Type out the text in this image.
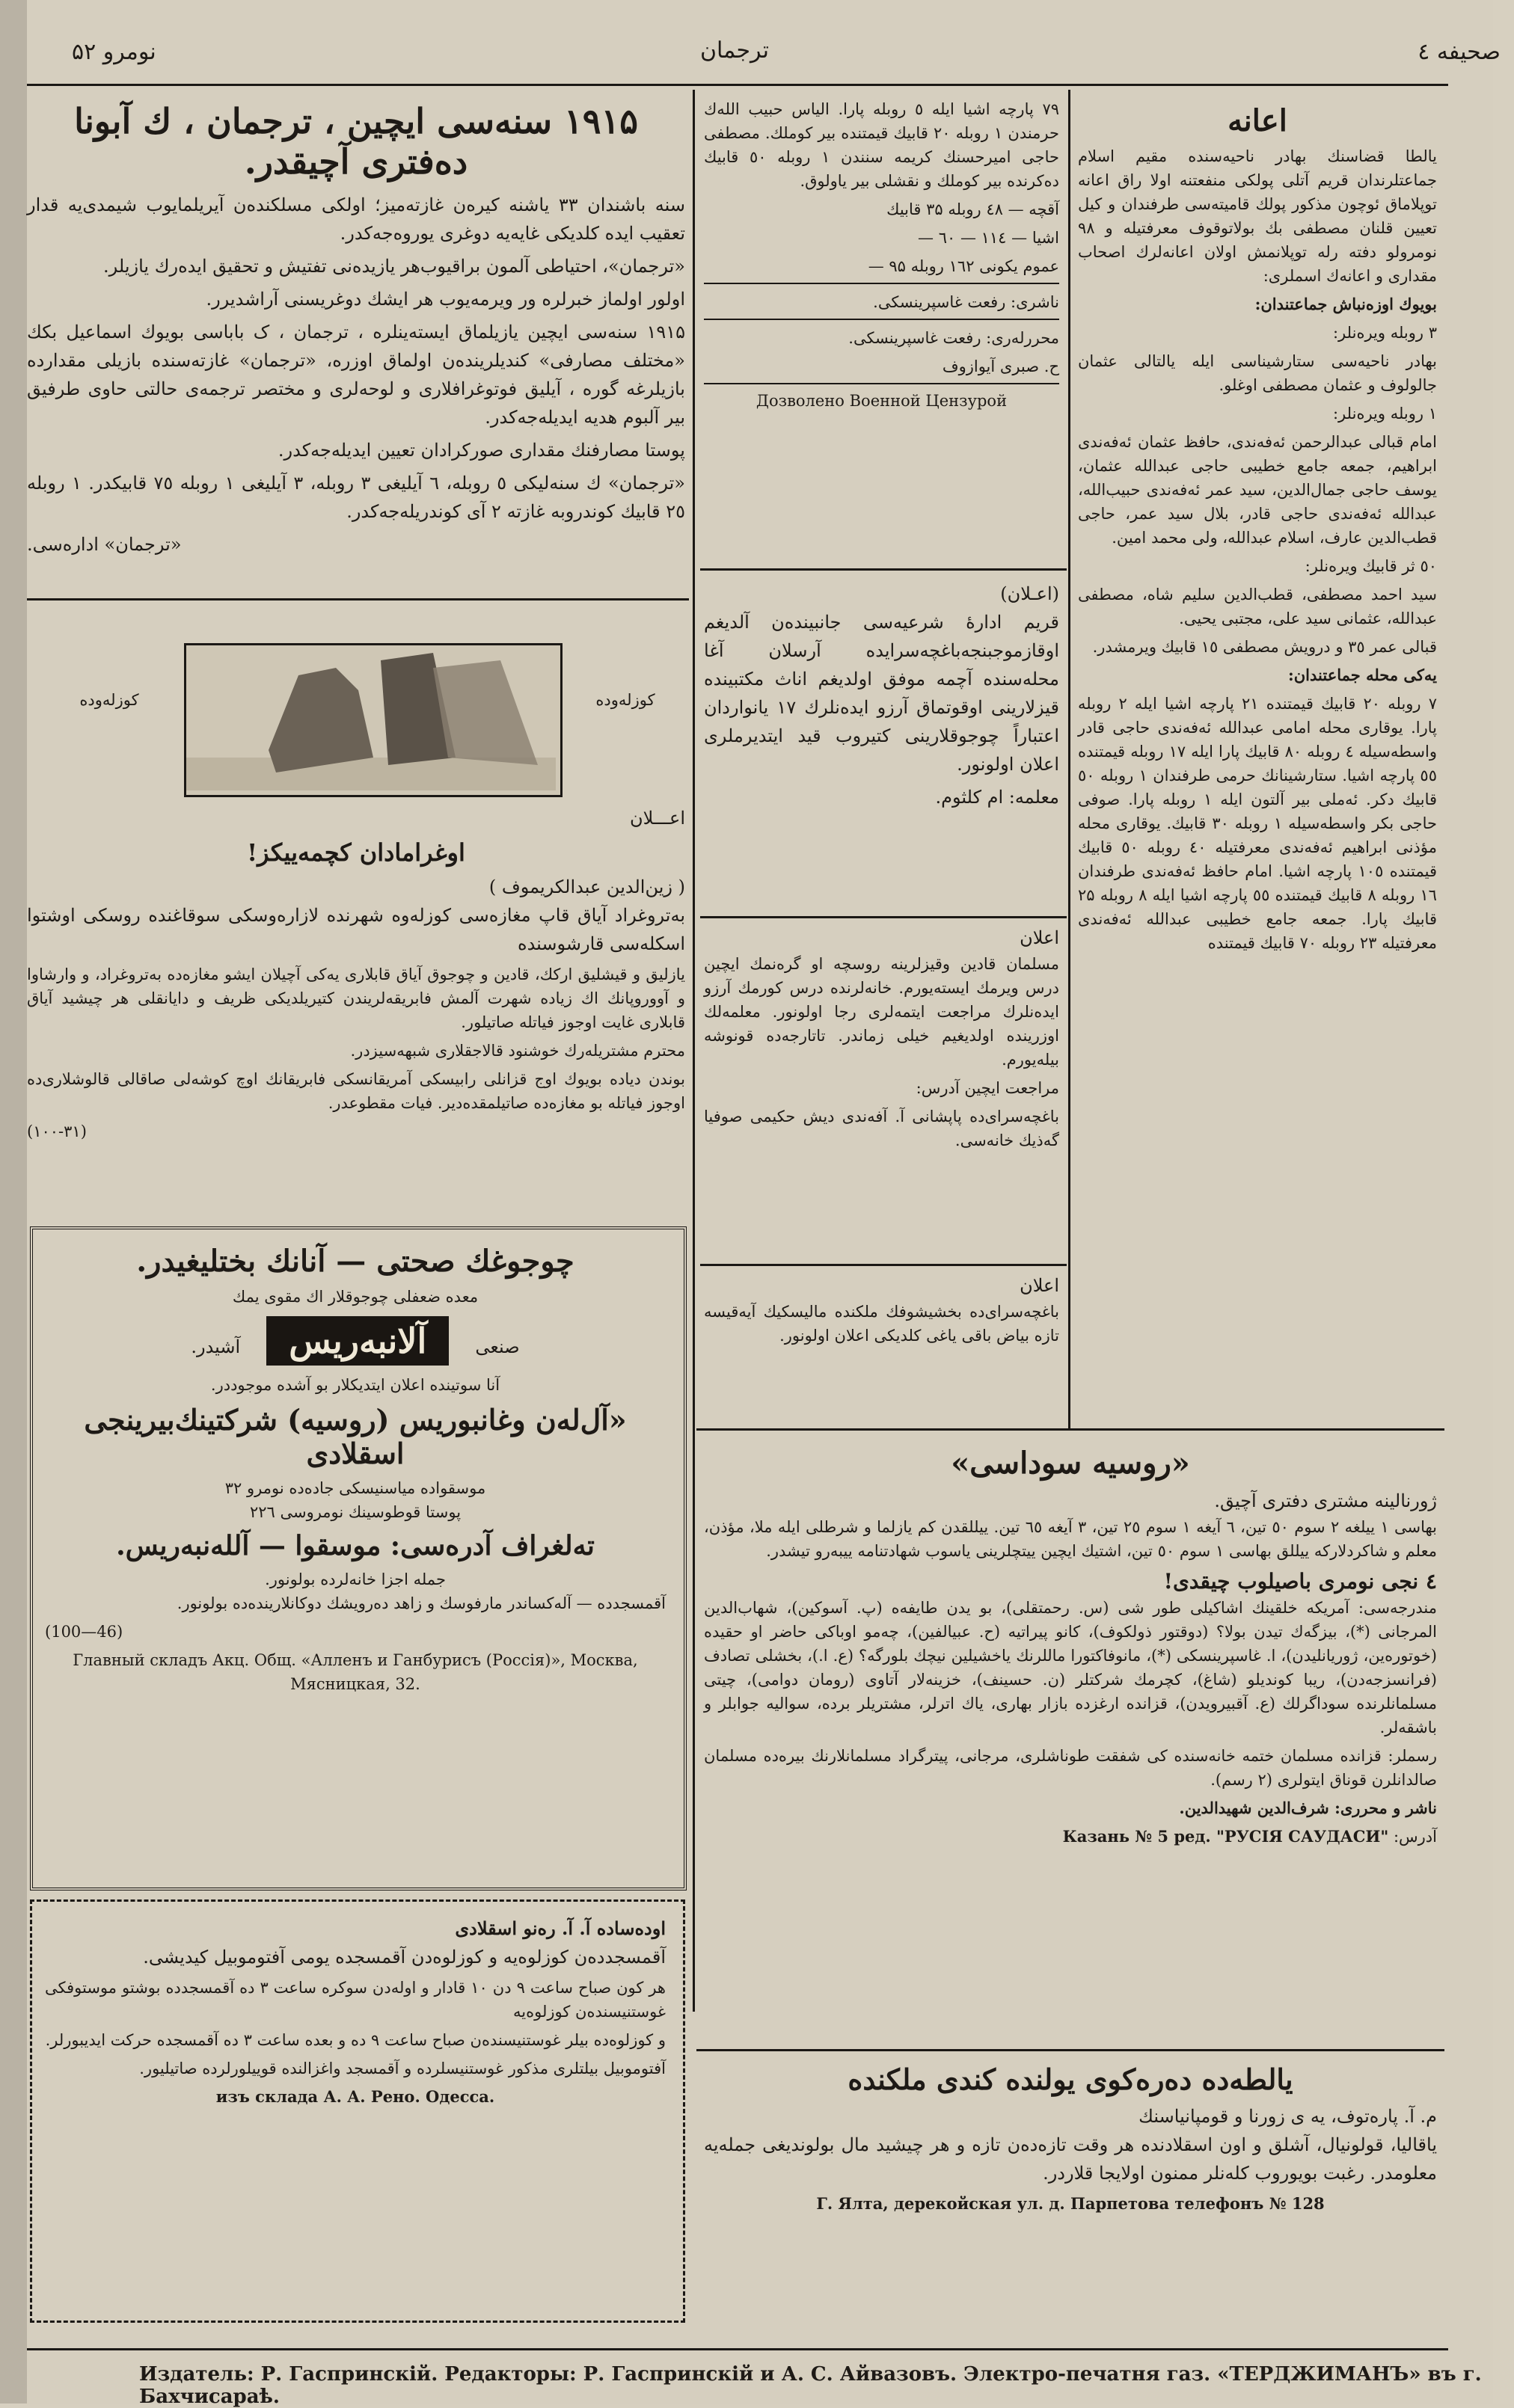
صحیفه ٤
ترجمان
نومرو ۵۲
۱۹۱۵ سنه‌سی ایچین ، ترجمان ، ك آبونا ده‌فتری آچیقدر.

سنه باشندان ۳۳ یاشنه کیره‌ن غازته‌میز؛ اولکی مسلکنده‌ن آیریلمایوب شیمدی‌یه قدار تعقیب ایده کلدیکی غایه‌یه دوغری یوروه‌جه‌کدر.

«ترجمان»، احتیاطی آلمون براقیوب‌هر یازیده‌نی تفتیش و تحقیق ایده‌رك یازیلر.

اولور اولماز خبرلره ور ویرمه‌یوب هر ایشك دوغریسنی آراشدیرر.

۱۹۱۵ سنه‌سی ایچین یازیلماق ایسته‌ینلره ، ترجمان ، ک باباسی بویوك اسماعیل بکك «مختلف مصارفی» کندیلرینده‌ن اولماق اوزره، «ترجمان» غازته‌سنده بازیلی مقدارده بازیلرغه گوره ، آیلیق فوتوغرافلاری و لوحه‌لری و مختصر ترجمه‌ی حالتی حاوی طرفیق بیر آلبوم هدیه ایدیله‌جه‌کدر.

پوستا مصارفنك مقداری صوركرادان تعیین ایدیله‌جه‌کدر.

«ترجمان» ك سنه‌لیكی ٥ روبله، ٦ آیلیغی ۳ روبله، ۳ آیلیغی ۱ روبله ۷٥ قابیکدر. ۱ روبله ۲٥ قابیك کوندروبه غازته ۲ آی کوندریله‌جه‌کدر.

«ترجمان» اداره‌سی.

کوزله‌وده	کوزله‌وده
اعـــلان
اوغرامادان کچمه‌ییکز!
( زین‌الدین عبدالکریموف )

به‌تروغراد آیاق قاپ مغازه‌سی کوزله‌وه شهرنده لازارەوسکی سوقاغنده روسكی اوشتوا اسکله‌سی قارشوسنده

یازلیق و قیشلیق ارکك، قادین و چوجوق آیاق قابلاری یه‌کی آچیلان ایشو مغازه‌ده به‌تروغراد، و وارشاوا و آووروپانك اك زیاده شهرت آلمش فابریقه‌لریندن کتیریلدیکی ظریف و دایانقلی هر چیشید آیاق قابلاری غایت اوجوز فیاتله صاتیلور.

محترم مشتریله‌رك خوشنود قالاجقلاری شبهه‌سیزدر.

بوندن دیاده بویوك اوج قزانلی رابیسکی آمریقانسکی فابریقانك اوچ کوشه‌لی صاقالی قالوشلاری‌ده اوجوز فیاتله بو مغازه‌ده صاتیلمقده‌دیر. فیات مقطوعدر.

(۱۰۰-۳۱)

چوجوغك صحتی — آنانك بختلیغیدر.
معده ضعفلی چوجوقلار اك مقوی یمك
صنعی آلانبه‌ریس آشیدر.
آنا سوتینده اعلان ایتدیکلار بو آشده موجوددر.
«آل‌له‌ن وغانبوریس (روسیه) شرکتینك‌بیرینجی اسقلادی
موسقواده میاسنیسکی جاده‌ده نومرو ۳۲
پوستا قوطوسینك نومروسی ۲۲٦
ته‌لغراف آدره‌سی: موسقوا — آلله‌نبه‌ریس.
جمله اجزا خانه‌لرده بولونور.

آقمسجدده — آله‌کساندر مارفوسك و زاهد ده‌رویشك دوکانلارینده‌ده بولونور.

(46—100)

Главный складъ Акц. Общ. «Алленъ и Ганбурисъ (Россія)», Москва, Мясницкая, 32.

اوده‌ساده آ. آ. ره‌نو اسقلادی

آقمسجدده‌ن کوزلوه‌یه و کوزلوه‌دن آقمسجده یومی آفتوموبیل کیدیشی.

هر کون صباح ساعت ۹ دن ۱۰ قادار و اوله‌دن سوکره ساعت ۳ ده آقمسجدده بوشتو موستوفکی غوستنیسنده‌ن کوزلوه‌یه

و کوزلوه‌ده بیلر غوستنیسنده‌ن صباح ساعت ۹ ده و بعده ساعت ۳ ده آقمسجده حرکت ایدیبورلر.

آفتوموبیل بیلتلری مذکور غوستنیسلرده و آقمسجد واغزالنده قوییلورلرده صاتیلیور.

изъ склада А. А. Рено. Одесса.

۷۹ پارچه اشیا ایله ٥ روبله پارا. الیاس حبیب الله‌ك حرمندن ۱ روبله ۲۰ قابیك قیمتنده بیر کوملك. مصطفی حاجی امیرحسنك کریمه سنندن ۱ روبله ٥۰ قابیك ده‌کرنده بیر کوملك و نقشلی بیر یاولوق.

آقچه — ٤٨ روبله ۳۵ قابیك

اشیا — ۱۱٤ — ٦۰ —

عموم یکونی ۱٦۲ روبله ۹۵ —

ناشری: رفعت غاسپرینسکی.

محررله‌ری: رفعت غاسپرینسکی.

ح. صبری آیوازوف

Дозволено Военной Цензурой

(اعـلان)

قریم اداره‌ٔ شرعیه‌سی جانبینده‌ن آلدیغم اوقازموجبنجه‌باغچه‌سرایده آرسلان آغا محله‌سنده آچمه موفق اولدیغم اناث مکتبینده قیزلارینی اوقوتماق آرزو ایده‌نلرك ۱۷ یانواردان اعتباراً چوجوقلارینی کتیروب قید ایتدیرملری اعلان اولونور.

معلمه: ام کلثوم.

اعلان

مسلمان قادین وقیزلرینه روسچه او گره‌نمك ایچین درس ویرمك ایسته‌یورم. خانه‌لرنده درس کورمك آرزو ایده‌نلرك مراجعت ایتمه‌لری رجا اولونور. معلمه‌لك اوزرینده اولدیغیم خیلی زماندر. تاتارجه‌ده قونوشه‌ بیله‌یورم.

مراجعت ایچین آدرس:

باغچه‌سرای‌ده پاپشانی آ. آفه‌ندی دیش حکیمی صوفیا گه‌ذیك خانه‌سی.

اعلان

باغچه‌سرای‌ده بخشیشوفك ملکنده مالیسکیك آیه‌قیسه تازه بیاض باقی یاغی کلدیکی اعلان اولونور.

اعانه

یالطا قضاسنك بهادر ناحیه‌سنده مقیم اسلام جماعتلرندان قریم آتلی پولکی منفعتنه اولا راق اعانه توپلاماق ئوچون مذکور پولك قامیته‌سی طرفندان و کیل تعیین قلنان مصطفی بك بولاتوقوف معرفتیله و ۹۸ نومرولو دفته‌ رله توپلانمش اولان اعانه‌لرك اصحاب مقداری و اعانه‌ك اسملرى:

بویوك اوزه‌نباش جماعتندان:

۳ روبله ویره‌نلر:

بهادر ناحیه‌سی ستارشیناسی ایله یالتالی عثمان جالولوف و عثمان مصطفی اوغلو.

۱ روبله ویره‌نلر:

امام قبالی عبدالرحمن ئه‌فه‌ندی، حافظ عثمان ئه‌فه‌ندی ابراهیم، جمعه جامع خطیبی حاجی عبدالله عثمان، یوسف حاجی جمال‌الدین، سید عمر ئه‌فه‌ندی حبیب‌الله، عبدالله ئه‌فه‌ندی حاجی قادر، بلال سید عمر، حاجی قطب‌الدین عارف، اسلام عبدالله، ولی محمد امین.

٥۰ ثر قابیك ویره‌نلر:

سید احمد مصطفی، قطب‌الدین سلیم شاه، مصطفی عبدالله، عثمانی سید علی، مجتبی یحیی.

قبالی عمر ۳٥ و درویش مصطفی ۱٥ قابیك ویرمشدر.

یه‌کی محله جماعتندان:

۷ روبله ۲۰ قابیك قیمتنده ۲۱ پارچه اشیا ایله ۲ روبله پارا. یوقاری محله امامی عبدالله ئه‌فه‌ندی حاجی قادر واسطه‌سیله ٤ روبله ۸۰ قابیك پارا ایله ۱۷ روبله قیمتنده ٥٥ پارچه اشیا. ستارشینانك حرمی طرفندان ۱ روبله ٥۰ قابیك دکر. ئه‌ملی بیر آلتون ایله ۱ روبله پارا. صوفی حاجی بکر واسطه‌سیله ۱ روبله ۳۰ قابیك. یوقاری محله مؤذنی ابراهیم ئه‌فه‌ندی معرفتیله ٤۰ روبله ٥۰ قابیك قیمتنده ۱۰٥ پارچه اشیا. امام حافظ ئه‌فه‌ندی طرفندان ۱٦ روبله ۸ قابیك قیمتنده ٥٥ پارچه اشیا ایله ۸ روبله ۲۵ قابیك پارا. جمعه جامع خطیبی عبدالله ئه‌فه‌ندی معرفتیله ۲۳ روبله ۷۰ قابیك قیمتنده

«روسیه سوداسی»
ژورنالینه مشتری دفتری آچیق.

بهاسی ۱ ییلغه ۲ سوم ٥۰ تین، ٦ آیغه ۱ سوم ۲٥ تین، ۳ آیغه ٦٥ تین. ییللقدن کم یازلما و شرطلی ایله ملا، مؤذن، معلم و شاکردلارکه ییللق بهاسی ۱ سوم ٥۰ تین، اشتیك ایچین ییتچلرینی یاسوب شهادتنامه ییبه‌رو تیشدر.

٤ نجی نومری باصیلوب چیقدی!

مندرجه‌سی: آمریکه‌ خلقینك اشاکیلی طور شی (س. رحمتقلی)، بو یدن طایفه‌ه (پ. آسوكین)، شهاب‌الدین المرجانی (*)، بیزگه‌ك تیدن بولا؟ (دوقتور ذولكوف)، کانو پیراتیه (ح. عبیالفین)، چه‌مو اوباکی حاضر او حقیده (خوتوره‌ین، ژوریانلیدن)، ا. غاسپرینسکی (*)، مانوفاکتورا ماللرنك یاخشیلین نیچك بلورگه؟ (ع. ا.)، بخشلی تصادف (فرانسزجه‌دن)، ریبا کوندیلو (شاغ)، کچرمك شرکتلر (ن. حسینف)، خزینه‌لار آتاوی (رومان دوامی)، چیتی مسلمانلرنده سوداگرلك (ع. آقبیرویدن)، قزانده ارغزده بازار بهاری، یاك اترلر، مشتریلر برده، سوالیه جوابلر و باشقه‌لر.

رسملر: قزانده مسلمان ختمه خانه‌سنده کی شفقت طوناشلری، مرجانی، پیترگراد مسلمانلارنك بیره‌ده مسلمان صالدانلرن قوناق ایتولری (۲ رسم).

ناشر و محرری: شرف‌الدین شهیدالدین.

آدرس: Казань № 5 ред. "РУСІЯ САУДАСИ"

یالطه‌ده ده‌ره‌کوی یولنده کندی ملکنده
م. آ. پاره‌توف، یه ی زورنا و قومپانیاسنك

یاقالیا، قولونیال، آشلق و اون اسقلادنده هر وقت تازه‌ده‌ن تازه و هر چیشید مال بولوندیغی جمله‌یه معلومدر. رغبت بویوروب کله‌نلر ممنون اولایجا قلاردر.

Г. Ялта, дерекойская ул. д. Парпетова телефонъ № 128

Издатель: Р. Гаспринскій. Редакторы: Р. Гаспринскій и А. С. Айвазовъ. Электро-печатня газ. «ТЕРДЖИМАНЪ» въ г. Бахчисараѣ.
